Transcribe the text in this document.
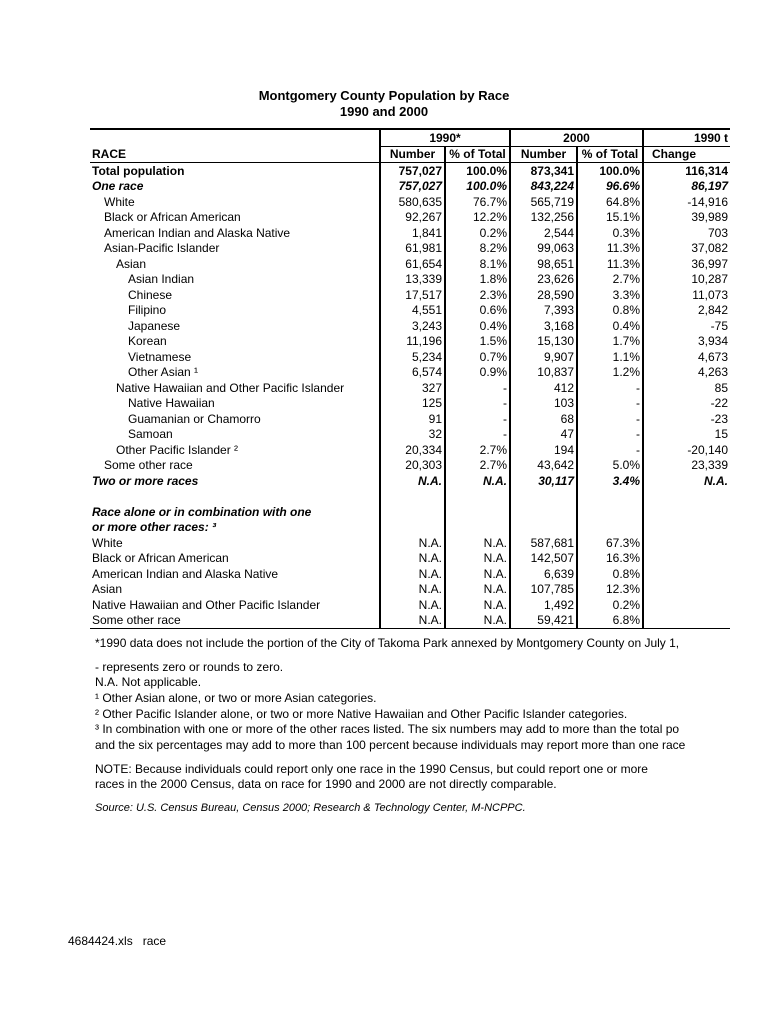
Montgomery County Population by Race
1990 and 2000
	1990*		2000		1990 t
RACE	Number	% of Total	Number	% of Total	Change
Total population	757,027	100.0%	873,341	100.0%	116,314
One race	757,027	100.0%	843,224	96.6%	86,197
White	580,635	76.7%	565,719	64.8%	-14,916
Black or African American	92,267	12.2%	132,256	15.1%	39,989
American Indian and Alaska Native	1,841	0.2%	2,544	0.3%	703
Asian-Pacific Islander	61,981	8.2%	99,063	11.3%	37,082
Asian	61,654	8.1%	98,651	11.3%	36,997
Asian Indian	13,339	1.8%	23,626	2.7%	10,287
Chinese	17,517	2.3%	28,590	3.3%	11,073
Filipino	4,551	0.6%	7,393	0.8%	2,842
Japanese	3,243	0.4%	3,168	0.4%	-75
Korean	11,196	1.5%	15,130	1.7%	3,934
Vietnamese	5,234	0.7%	9,907	1.1%	4,673
Other Asian ¹	6,574	0.9%	10,837	1.2%	4,263
Native Hawaiian and Other Pacific Islander	327	-	412	-	85
Native Hawaiian	125	-	103	-	-22
Guamanian or Chamorro	91	-	68	-	-23
Samoan	32	-	47	-	15
Other Pacific Islander ²	20,334	2.7%	194	-	-20,140
Some other race	20,303	2.7%	43,642	5.0%	23,339
Two or more races	N.A.	N.A.	30,117	3.4%	N.A.

Race alone or in combination with one					
or more other races: ³					
White	N.A.	N.A.	587,681	67.3%	
Black or African American	N.A.	N.A.	142,507	16.3%	
American Indian and Alaska Native	N.A.	N.A.	6,639	0.8%	
Asian	N.A.	N.A.	107,785	12.3%	
Native Hawaiian and Other Pacific Islander	N.A.	N.A.	1,492	0.2%	
Some other race	N.A.	N.A.	59,421	6.8%	
*1990 data does not include the portion of the City of Takoma Park annexed by Montgomery County on July 1,
- represents zero or rounds to zero.
N.A. Not applicable.
¹ Other Asian alone, or two or more Asian categories.
² Other Pacific Islander alone, or two or more Native Hawaiian and Other Pacific Islander categories.
³ In combination with one or more of the other races listed. The six numbers may add to more than the total po
and the six percentages may add to more than 100 percent because individuals may report more than one race
NOTE: Because individuals could report only one race in the 1990 Census, but could report one or more
races in the 2000 Census, data on race for 1990 and 2000 are not directly comparable.
Source: U.S. Census Bureau, Census 2000; Research & Technology Center, M-NCPPC.
4684424.xls race
